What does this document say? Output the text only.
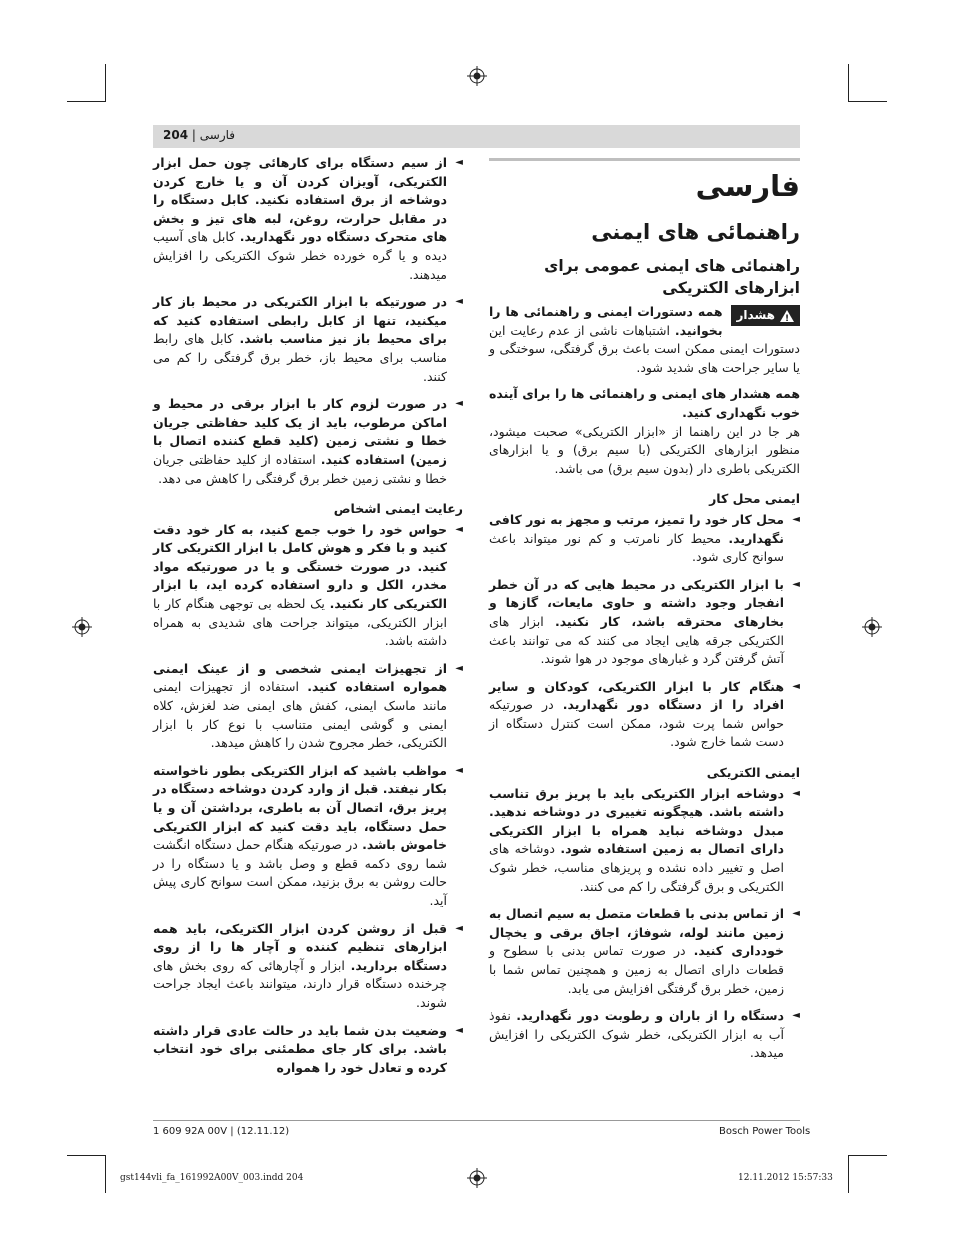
204 | فارسی
فارسی
راهنمائی های ایمنی
راهنمائی های ایمنی عمومی برای ابزارهای الکتریکی
!
هشدار
همه دستورات ایمنی و راهنمائی ها را بخوانید. اشتباهات ناشی از عدم رعایت این دستورات ایمنی ممکن است باعث برق گرفتگی، سوختگی و یا سایر جراحت های شدید شود.

همه هشدار های ایمنی و راهنمائی ها را برای آینده خوب نگهداری کنید.

هر جا در این راهنما از «ابزار الکتریکی» صحبت میشود، منظور ابزارهای الکتریکی (با سیم برق) و یا ابزارهای الکتریکی باطری دار (بدون سیم برق) می باشد.

ایمنی محل کار
◄
محل کار خود را تمیز، مرتب و مجهز به نور کافی نگهدارید. محیط کار نامرتب و کم نور میتواند باعث سوانح کاری شود.
◄
با ابزار الکتریکی در محیط هایی که در آن خطر انفجار وجود داشته و حاوی مایعات، گازها و بخارهای محترقه باشد، کار نکنید. ابزار های الکتریکی جرقه هایی ایجاد می کنند که می توانند باعث آتش گرفتن گرد و غبارهای موجود در هوا شوند.
◄
هنگام کار با ابزار الکتریکی، کودکان و سایر افراد را از دستگاه دور نگهدارید. در صورتیکه حواس شما پرت شود، ممکن است کنترل دستگاه از دست شما خارج شود.
ایمنی الکتریکی
◄
دوشاخه ابزار الکتریکی باید با پریز برق تناسب داشته باشد. هیچگونه تغییری در دوشاخه ندهید. مبدل دوشاخه نباید همراه با ابزار الکتریکی دارای اتصال به زمین استفاده شود. دوشاخه های اصل و تغییر داده نشده و پریزهای مناسب، خطر شوک الکتریکی و برق گرفتگی را کم می کنند.
◄
از تماس بدنی با قطعات متصل به سیم اتصال به زمین مانند لوله، شوفاژ، اجاق برقی و یخچال خودداری کنید. در صورت تماس بدنی با سطوح و قطعات دارای اتصال به زمین و همچنین تماس شما با زمین، خطر برق گرفتگی افزایش می یابد.
◄
دستگاه را از باران و رطوبت دور نگهدارید. نفوذ آب به ابزار الکتریکی، خطر شوک الکتریکی را افزایش میدهد.
◄
از سیم دستگاه برای کارهائی چون حمل ابزار الکتریکی، آویزان کردن آن و یا خارج کردن دوشاخه از برق استفاده نکنید. کابل دستگاه را در مقابل حرارت، روغن، لبه های تیز و بخش های متحرک دستگاه دور نگهدارید. کابل های آسیب دیده و یا گره خورده خطر شوک الکتریکی را افزایش میدهند.
◄
در صورتیکه با ابزار الکتریکی در محیط باز کار میکنید، تنها از کابل رابطی استفاده کنید که برای محیط باز نیز مناسب باشد. کابل های رابط مناسب برای محیط باز، خطر برق گرفتگی را کم می کنند.
◄
در صورت لزوم کار با ابزار برقی در محیط و اماکن مرطوب، باید از یک کلید حفاظتی جریان خطا و نشتی زمین (کلید قطع کننده اتصال با زمین) استفاده کنید. استفاده از کلید حفاظتی جریان خطا و نشتی زمین خطر برق گرفتگی را کاهش می دهد.
رعایت ایمنی اشخاص
◄
حواس خود را خوب جمع کنید، به کار خود دقت کنید و با فکر و هوش کامل با ابزار الکتریکی کار کنید. در صورت خستگی و یا در صورتیکه مواد مخدر، الکل و دارو استفاده کرده اید، با ابزار الکتریکی کار نکنید. یک لحظه بی توجهی هنگام کار با ابزار الکتریکی، میتواند جراحت های شدیدی به همراه داشته باشد.
◄
از تجهیزات ایمنی شخصی و از عینک ایمنی همواره استفاده کنید. استفاده از تجهیزات ایمنی مانند ماسک ایمنی، کفش های ایمنی ضد لغزش، کلاه ایمنی و گوشی ایمنی متناسب با نوع کار با ابزار الکتریکی، خطر مجروح شدن را کاهش میدهد.
◄
مواظب باشید که ابزار الکتریکی بطور ناخواسته بکار نیفتد. قبل از وارد کردن دوشاخه دستگاه در پریز برق، اتصال آن به باطری، برداشتن آن و یا حمل دستگاه، باید دقت کنید که ابزار الکتریکی خاموش باشد. در صورتیکه هنگام حمل دستگاه انگشت شما روی دکمه قطع و وصل باشد و یا دستگاه را در حالت روشن به برق بزنید، ممکن است سوانح کاری پیش آید.
◄
قبل از روشن کردن ابزار الکتریکی، باید همه ابزارهای تنظیم کننده و آچار ها را از روی دستگاه بردارید. ابزار و آچارهائی که روی بخش های چرخنده دستگاه قرار دارند، میتوانند باعث ایجاد جراحت شوند.
◄
وضعیت بدن شما باید در حالت عادی قرار داشته باشد. برای کار جای مطمئنی برای خود انتخاب کرده و تعادل خود را همواره
1 609 92A 00V | (12.11.12)	Bosch Power Tools
gst144vli_fa_161992A00V_003.indd 204	12.11.2012 15:57:33
